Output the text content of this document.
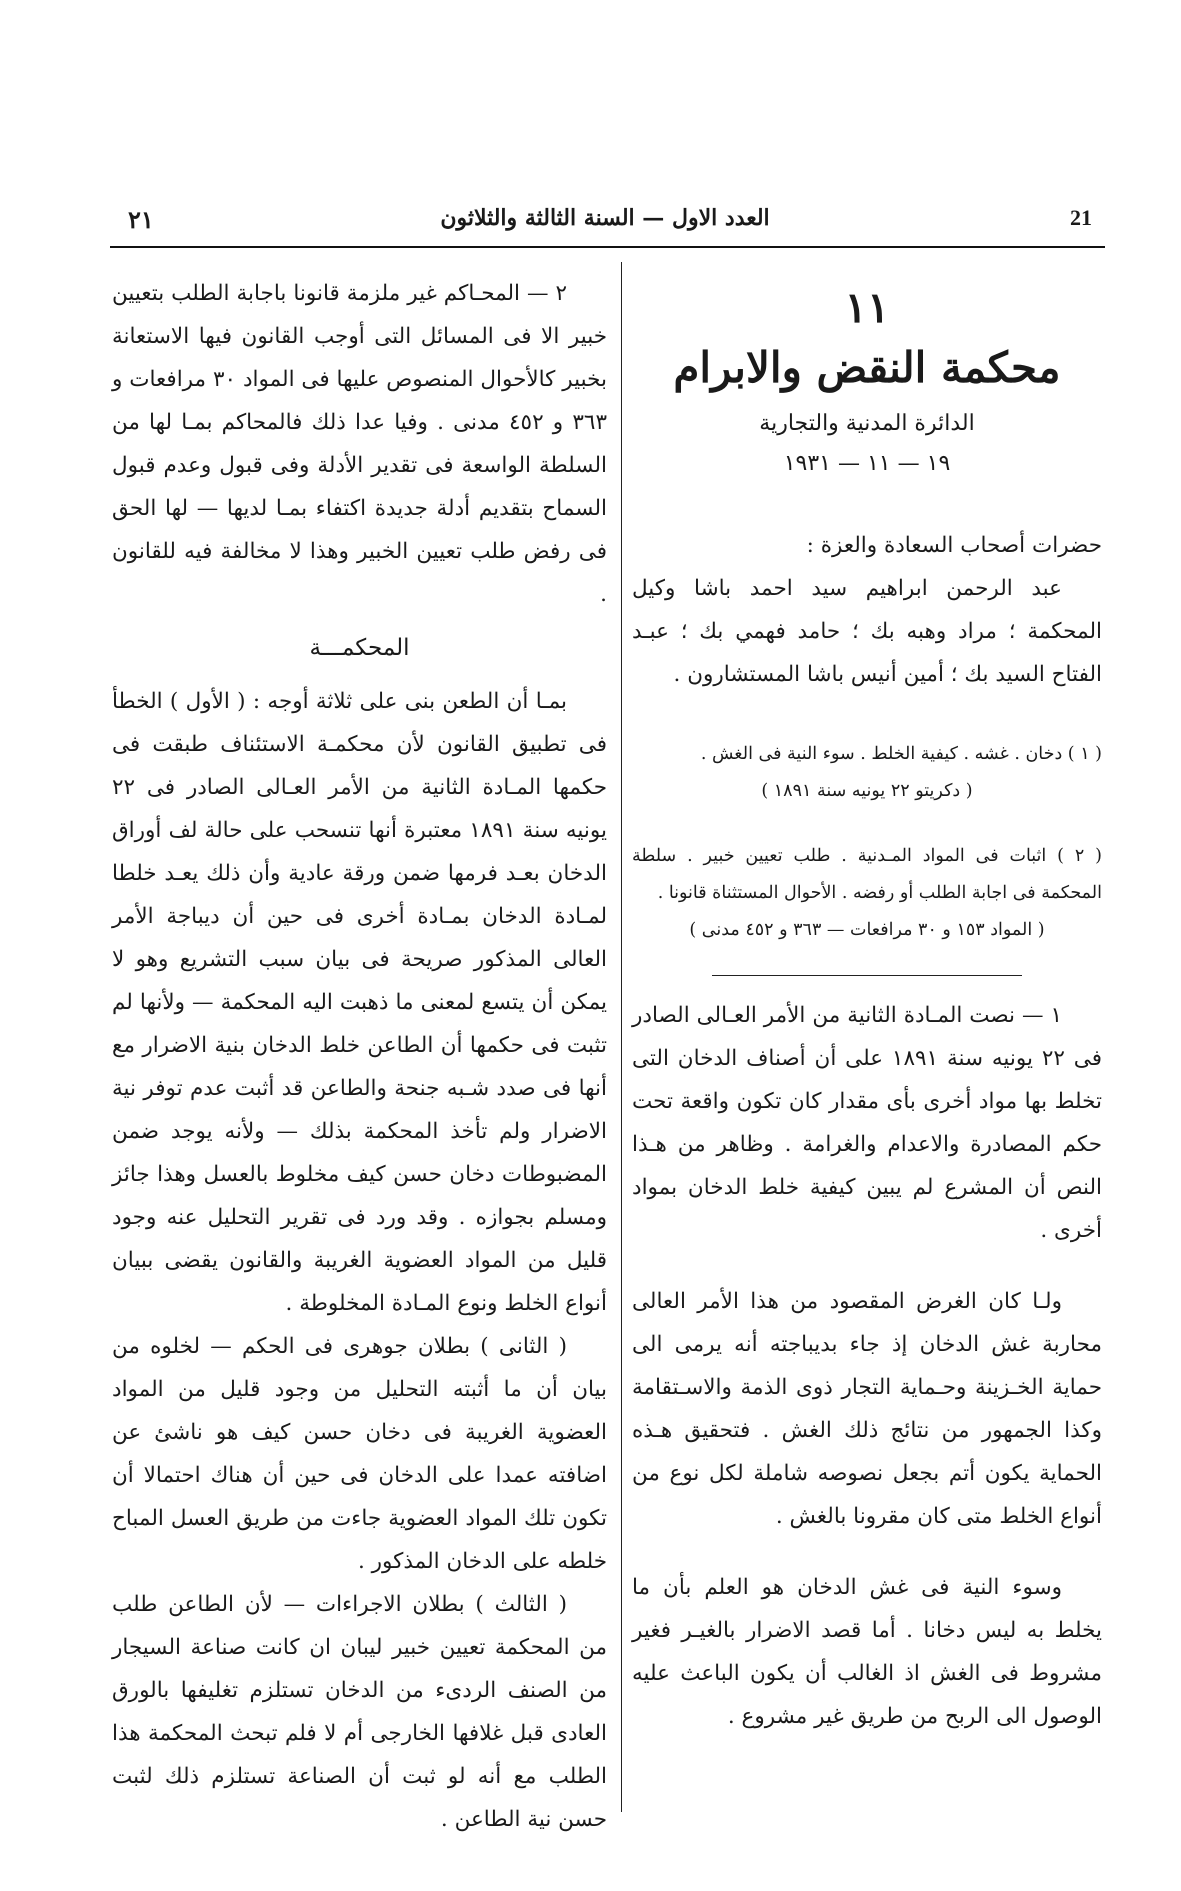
21
العدد الاول — السنة الثالثة والثلاثون
٢١
١١
محكمة النقض والابرام
الدائرة المدنية والتجارية
١٩ — ١١ — ١٩٣١

حضرات أصحاب السعادة والعزة :

عبد الرحمن ابراهيم سيد احمد باشا وكيل المحكمة ؛ مراد وهبه بك ؛ حامد فهمي بك ؛ عبـد الفتاح السيد بك ؛ أمين أنيس باشا المستشارون .

( ١ ) دخان . غشه . كيفية الخلط . سوء النية فى الغش .

( دكريتو ٢٢ يونيه سنة ١٨٩١ )

( ٢ ) اثبات فى المواد المـدنية . طلب تعيين خبير . سلطة المحكمة فى اجابة الطلب أو رفضه . الأحوال المستثناة قانونا .

( المواد ١٥٣ و ٣٠ مرافعات — ٣٦٣ و ٤٥٢ مدنى )

١ — نصت المـادة الثانية من الأمر العـالى الصادر فى ٢٢ يونيه سنة ١٨٩١ على أن أصناف الدخان التى تخلط بها مواد أخرى بأى مقدار كان تكون واقعة تحت حكم المصادرة والاعدام والغرامة . وظاهر من هـذا النص أن المشرع لم يبين كيفية خلط الدخان بمواد أخرى .

ولـا كان الغرض المقصود من هذا الأمر العالى محاربة غش الدخان إذ جاء بديباجته أنه يرمى الى حماية الخـزينة وحـماية التجار ذوى الذمة والاسـتقامة وكذا الجمهور من نتائج ذلك الغش . فتحقيق هـذه الحماية يكون أتم بجعل نصوصه شاملة لكل نوع من أنواع الخلط متى كان مقرونا بالغش .

وسوء النية فى غش الدخان هو العلم بأن ما يخلط به ليس دخانا . أما قصد الاضرار بالغيـر فغير مشروط فى الغش اذ الغالب أن يكون الباعث عليه الوصول الى الربح من طريق غير مشروع .

٢ — المحـاكم غير ملزمة قانونا باجابة الطلب بتعيين خبير الا فى المسائل التى أوجب القانون فيها الاستعانة بخبير كالأحوال المنصوص عليها فى المواد ٣٠ مرافعات و ٣٦٣ و ٤٥٢ مدنى . وفيا عدا ذلك فالمحاكم بمـا لها من السلطة الواسعة فى تقدير الأدلة وفى قبول وعدم قبول السماح بتقديم أدلة جديدة اكتفاء بمـا لديها — لها الحق فى رفض طلب تعيين الخبير وهذا لا مخالفة فيه للقانون .

المحكمـــة

بمـا أن الطعن بنى على ثلاثة أوجه : ( الأول ) الخطأ فى تطبيق القانون لأن محكمـة الاستئناف طبقت فى حكمها المـادة الثانية من الأمر العـالى الصادر فى ٢٢ يونيه سنة ١٨٩١ معتبرة أنها تنسحب على حالة لف أوراق الدخان بعـد فرمها ضمن ورقة عادية وأن ذلك يعـد خلطا لمـادة الدخان بمـادة أخرى فى حين أن ديباجة الأمر العالى المذكور صريحة فى بيان سبب التشريع وهو لا يمكن أن يتسع لمعنى ما ذهبت اليه المحكمة — ولأنها لم تثبت فى حكمها أن الطاعن خلط الدخان بنية الاضرار مع أنها فى صدد شـبه جنحة والطاعن قد أثبت عدم توفر نية الاضرار ولم تأخذ المحكمة بذلك — ولأنه يوجد ضمن المضبوطات دخان حسن كيف مخلوط بالعسل وهذا جائز ومسلم بجوازه . وقد ورد فى تقرير التحليل عنه وجود قليل من المواد العضوية الغريبة والقانون يقضى ببيان أنواع الخلط ونوع المـادة المخلوطة .

( الثانى ) بطلان جوهرى فى الحكم — لخلوه من بيان أن ما أثبته التحليل من وجود قليل من المواد العضوية الغريبة فى دخان حسن كيف هو ناشئ عن اضافته عمدا على الدخان فى حين أن هناك احتمالا أن تكون تلك المواد العضوية جاءت من طريق العسل المباح خلطه على الدخان المذكور .

( الثالث ) بطلان الاجراءات — لأن الطاعن طلب من المحكمة تعيين خبير ليبان ان كانت صناعة السيجار من الصنف الردىء من الدخان تستلزم تغليفها بالورق العادى قبل غلافها الخارجى أم لا فلم تبحث المحكمة هذا الطلب مع أنه لو ثبت أن الصناعة تستلزم ذلك لثبت حسن نية الطاعن .
